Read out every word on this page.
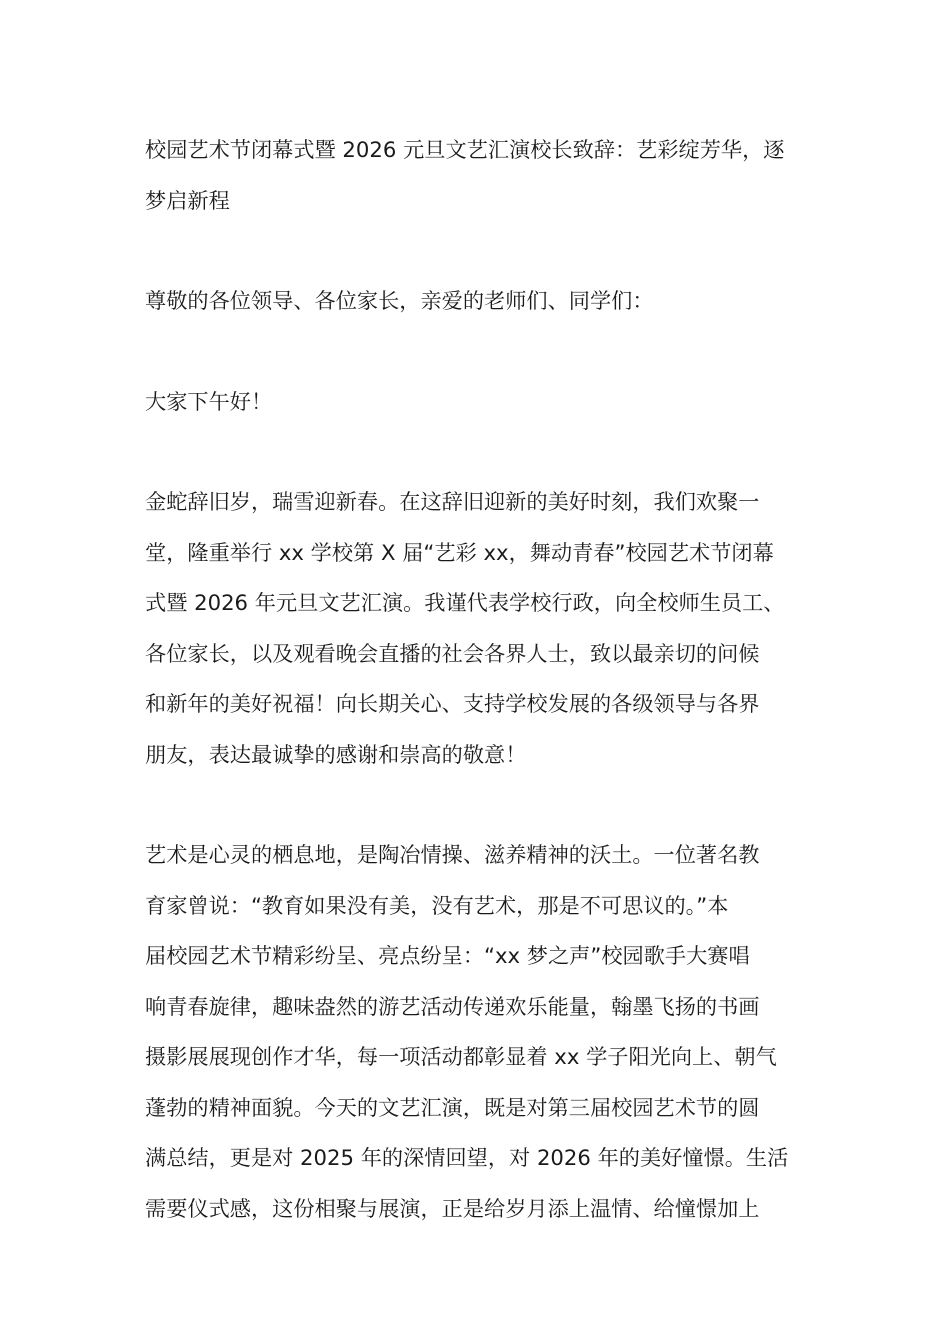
校园艺术节闭幕式暨 2026 元旦文艺汇演校长致辞：艺彩绽芳华，逐
梦启新程

尊敬的各位领导、各位家长，亲爱的老师们、同学们：

大家下午好！

金蛇辞旧岁，瑞雪迎新春。在这辞旧迎新的美好时刻，我们欢聚一
堂，隆重举行 xx 学校第 X 届“艺彩 xx，舞动青春”校园艺术节闭幕
式暨 2026 年元旦文艺汇演。我谨代表学校行政，向全校师生员工、
各位家长，以及观看晚会直播的社会各界人士，致以最亲切的问候
和新年的美好祝福！向长期关心、支持学校发展的各级领导与各界
朋友，表达最诚挚的感谢和崇高的敬意！

艺术是心灵的栖息地，是陶冶情操、滋养精神的沃土。一位著名教
育家曾说：“教育如果没有美，没有艺术，那是不可思议的。”本
届校园艺术节精彩纷呈、亮点纷呈：“xx 梦之声”校园歌手大赛唱
响青春旋律，趣味盎然的游艺活动传递欢乐能量，翰墨飞扬的书画
摄影展展现创作才华，每一项活动都彰显着 xx 学子阳光向上、朝气
蓬勃的精神面貌。今天的文艺汇演，既是对第三届校园艺术节的圆
满总结，更是对 2025 年的深情回望，对 2026 年的美好憧憬。生活
需要仪式感，这份相聚与展演，正是给岁月添上温情、给憧憬加上
